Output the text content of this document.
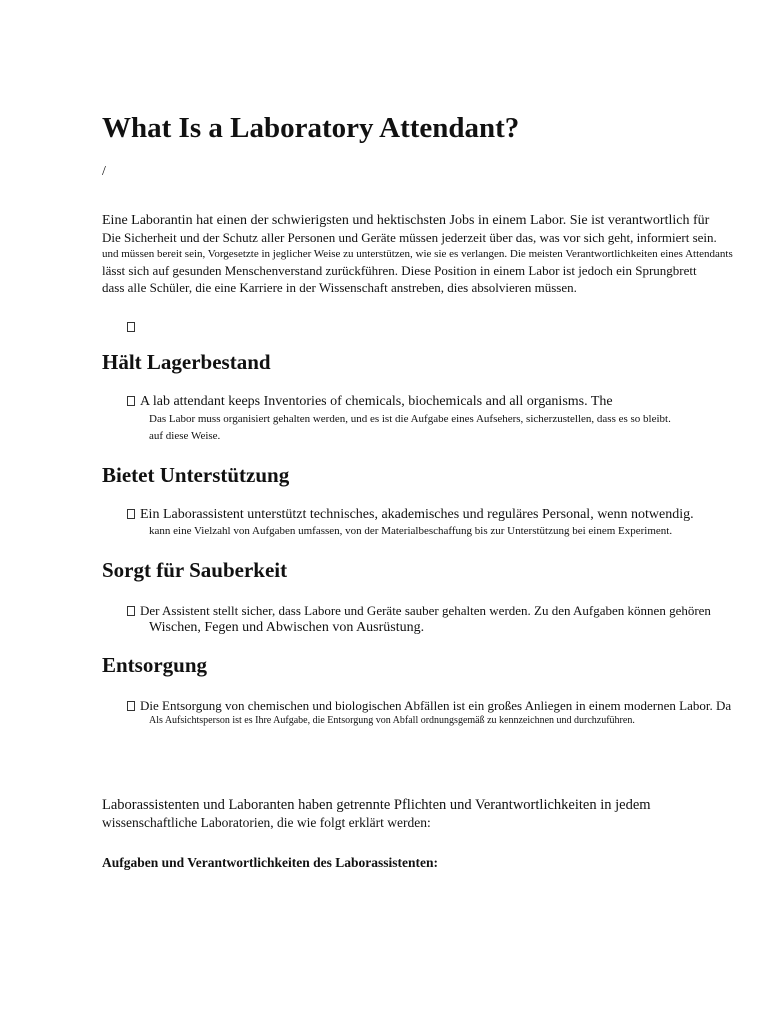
What Is a Laboratory Attendant?
/
Eine Laborantin hat einen der schwierigsten und hektischsten Jobs in einem Labor. Sie ist verantwortlich für
Die Sicherheit und der Schutz aller Personen und Geräte müssen jederzeit über das, was vor sich geht, informiert sein.
und müssen bereit sein, Vorgesetzte in jeglicher Weise zu unterstützen, wie sie es verlangen. Die meisten Verantwortlichkeiten eines Attendants
lässt sich auf gesunden Menschenverstand zurückführen. Diese Position in einem Labor ist jedoch ein Sprungbrett
dass alle Schüler, die eine Karriere in der Wissenschaft anstreben, dies absolvieren müssen.
Hält Lagerbestand
A lab attendant keeps Inventories of chemicals, biochemicals and all organisms. The
Das Labor muss organisiert gehalten werden, und es ist die Aufgabe eines Aufsehers, sicherzustellen, dass es so bleibt.
auf diese Weise.
Bietet Unterstützung
Ein Laborassistent unterstützt technisches, akademisches und reguläres Personal, wenn notwendig.
kann eine Vielzahl von Aufgaben umfassen, von der Materialbeschaffung bis zur Unterstützung bei einem Experiment.
Sorgt für Sauberkeit
Der Assistent stellt sicher, dass Labore und Geräte sauber gehalten werden. Zu den Aufgaben können gehören
Wischen, Fegen und Abwischen von Ausrüstung.
Entsorgung
Die Entsorgung von chemischen und biologischen Abfällen ist ein großes Anliegen in einem modernen Labor. Da
Als Aufsichtsperson ist es Ihre Aufgabe, die Entsorgung von Abfall ordnungsgemäß zu kennzeichnen und durchzuführen.
Laborassistenten und Laboranten haben getrennte Pflichten und Verantwortlichkeiten in jedem
wissenschaftliche Laboratorien, die wie folgt erklärt werden:
Aufgaben und Verantwortlichkeiten des Laborassistenten:
